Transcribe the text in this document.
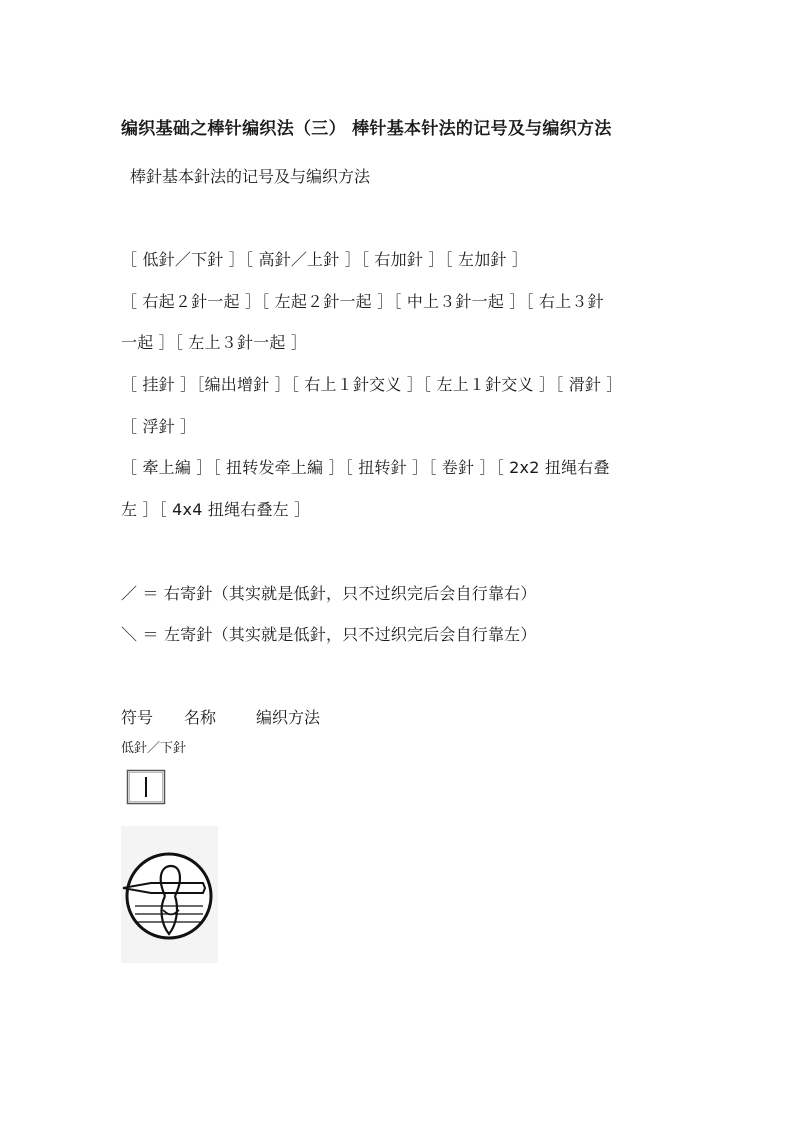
编织基础之棒针编织法（三） 棒针基本针法的记号及与编织方法
棒針基本針法的记号及与编织方法
［ 低針／下針 ］［ 高針／上針 ］［ 右加針 ］［ 左加針 ］
［ 右起２針一起 ］［ 左起２針一起 ］［ 中上３針一起 ］［ 右上３針
一起 ］［ 左上３針一起 ］
［ 挂針 ］［编出增針 ］［ 右上１針交义 ］［ 左上１針交义 ］［ 滑針 ］
［ 浮針 ］
［ 牽上編 ］［ 扭转发牵上編 ］［ 扭转針 ］［ 卷針 ］［ 2x2 扭绳右叠
左 ］［ 4x4 扭绳右叠左 ］
／ ＝ 右寄針（其实就是低針，只不过织完后会自行靠右）
＼ ＝ 左寄針（其实就是低針，只不过织完后会自行靠左）
符号 名称 编织方法
低針／下針
